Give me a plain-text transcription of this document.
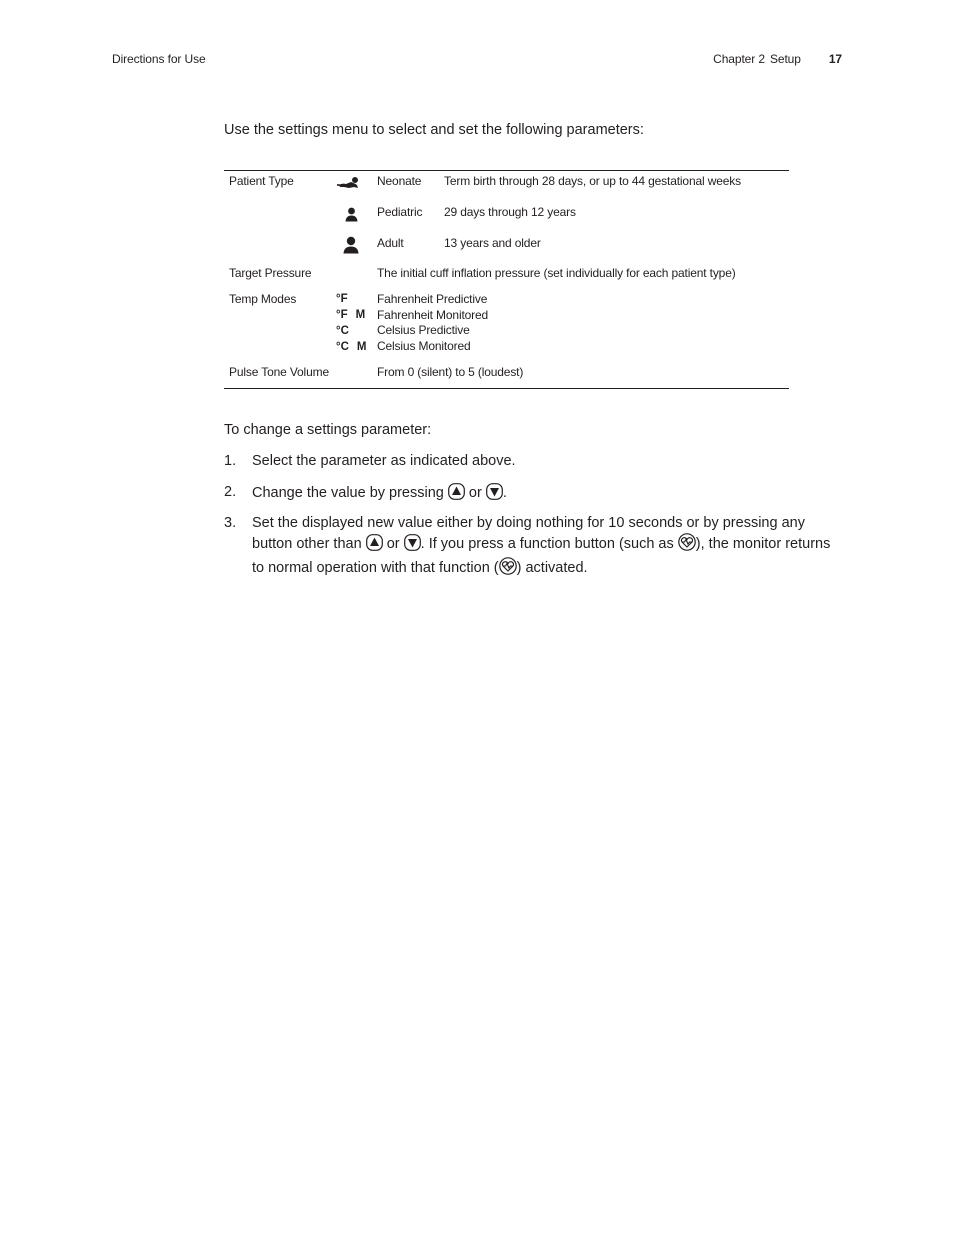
Directions for Use	Chapter 2 Setup 17
Use the settings menu to select and set the following parameters:
Patient Type	Neonate Term birth through 28 days, or up to 44 gestational weeks
Pediatric 29 days through 12 years
Adult	13 years and older
Target Pressure	The initial cuff inflation pressure (set individually for each patient type)
Temp Modes	°F Fahrenheit Predictive
°F M Fahrenheit Monitored
°C Celsius Predictive
°C M Celsius Monitored
Pulse Tone Volume	From 0 (silent) to 5 (loudest)
To change a settings parameter:
1. Select the parameter as indicated above.
2. Change the value by pressing or .
3. Set the displayed new value either by doing nothing for 10 seconds or by pressing any button other than or . If you press a function button (such as ), the monitor returns to normal operation with that function ( ) activated.
